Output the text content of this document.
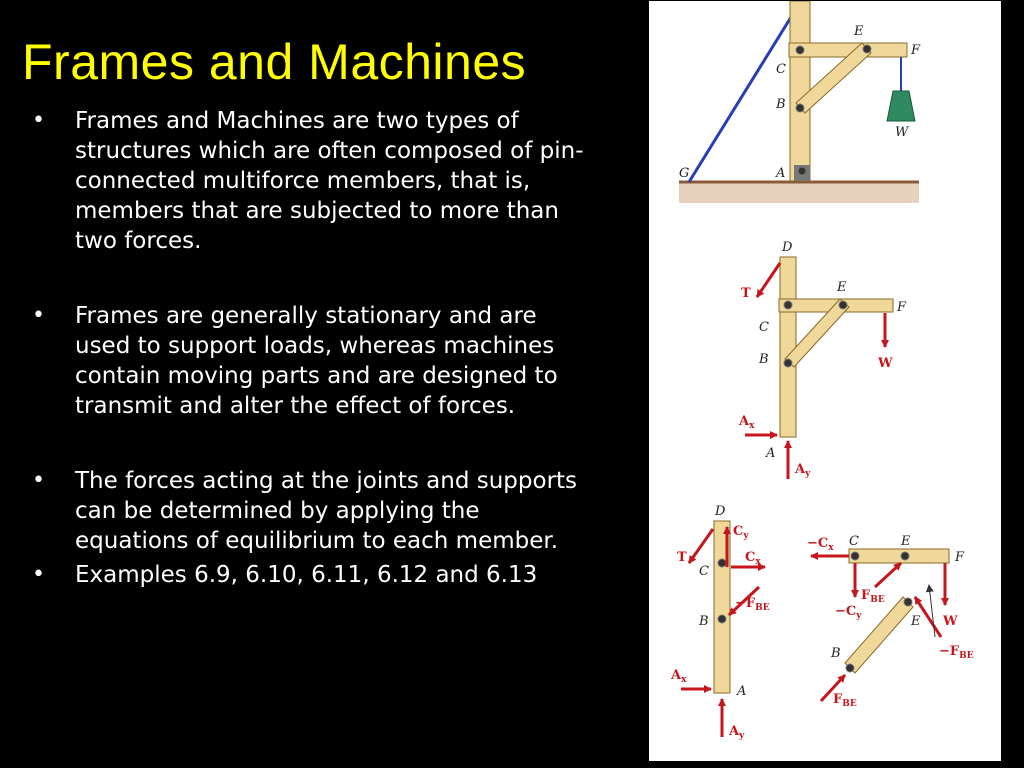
Frames and Machines
• Frames and Machines are two types of structures which are often composed of pin-connected multiforce members, that is, members that are subjected to more than two forces.
• Frames are generally stationary and are used to support loads, whereas machines contain moving parts and are designed to transmit and alter the effect of forces.
• The forces acting at the joints and supports can be determined by applying the equations of equilibrium to each member.
• Examples 6.9, 6.10, 6.11, 6.12 and 6.13
E
F
C
B
W
G	A
D
E
F
C
B
A
T
W
$A_x$
$A_y$
D
C
B
A
T
$C_y$
$C_x$
$-F_{BE}$
$A_x$
$A_y$
C	E
F
E
B
$-C_x$
$F_{BE}$
$-C_y$	W
$-F_{BE}$
$F_{BE}$
